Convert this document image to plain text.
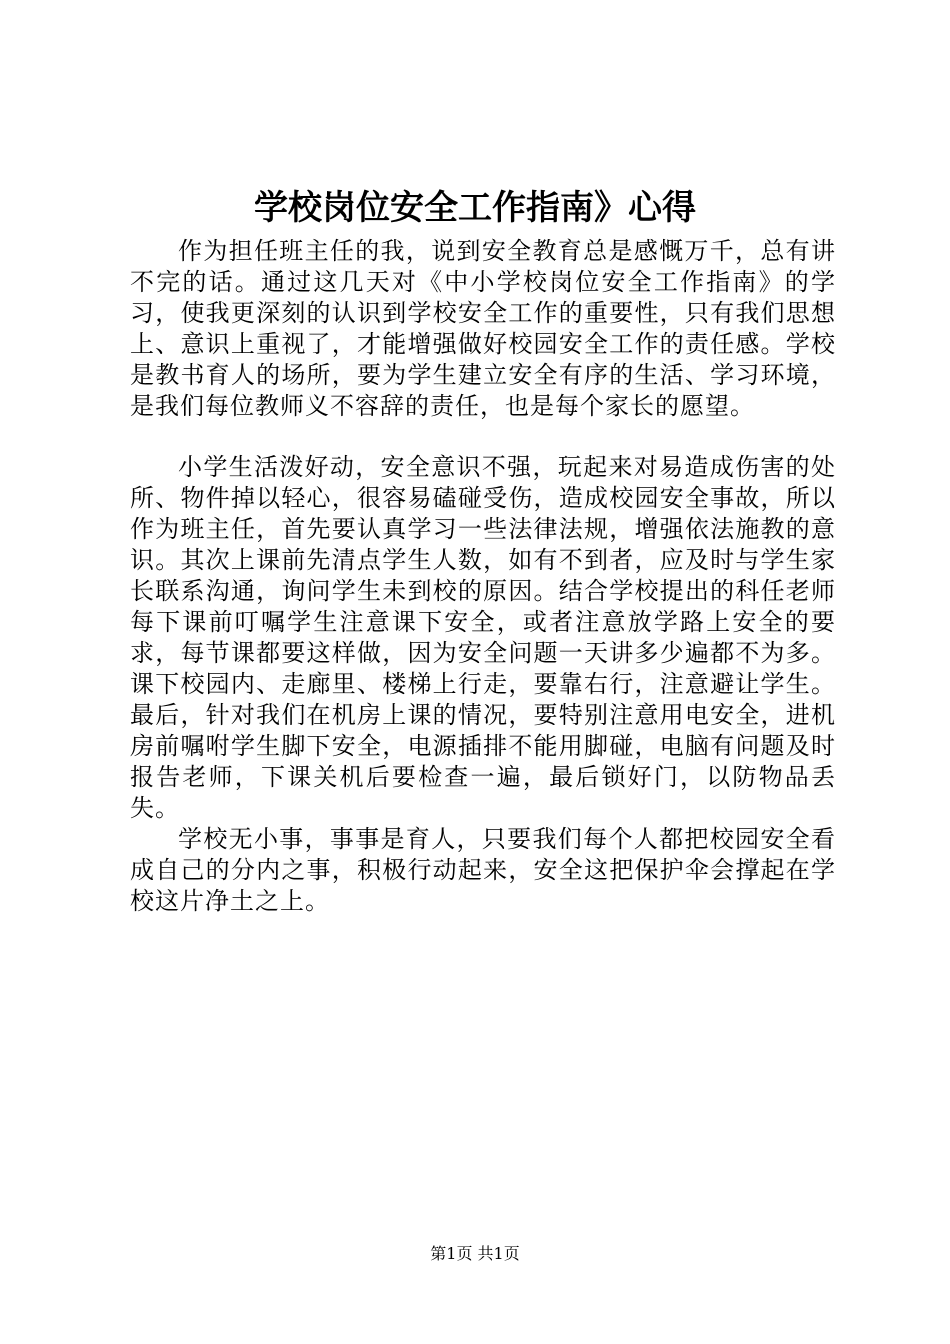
学校岗位安全工作指南》心得

作为担任班主任的我，说到安全教育总是感慨万千，总有讲不完的话。通过这几天对《中小学校岗位安全工作指南》的学习，使我更深刻的认识到学校安全工作的重要性，只有我们思想上、意识上重视了，才能增强做好校园安全工作的责任感。学校是教书育人的场所，要为学生建立安全有序的生活、学习环境，是我们每位教师义不容辞的责任，也是每个家长的愿望。

小学生活泼好动，安全意识不强，玩起来对易造成伤害的处所、物件掉以轻心，很容易磕碰受伤，造成校园安全事故，所以作为班主任，首先要认真学习一些法律法规，增强依法施教的意识。其次上课前先清点学生人数，如有不到者，应及时与学生家长联系沟通，询问学生未到校的原因。结合学校提出的科任老师每下课前叮嘱学生注意课下安全，或者注意放学路上安全的要求，每节课都要这样做，因为安全问题一天讲多少遍都不为多。课下校园内、走廊里、楼梯上行走，要靠右行，注意避让学生。最后，针对我们在机房上课的情况，要特别注意用电安全，进机房前嘱咐学生脚下安全，电源插排不能用脚碰，电脑有问题及时报告老师，下课关机后要检查一遍，最后锁好门，以防物品丢失。

学校无小事，事事是育人，只要我们每个人都把校园安全看成自己的分内之事，积极行动起来，安全这把保护伞会撑起在学校这片净土之上。

第1页 共1页
